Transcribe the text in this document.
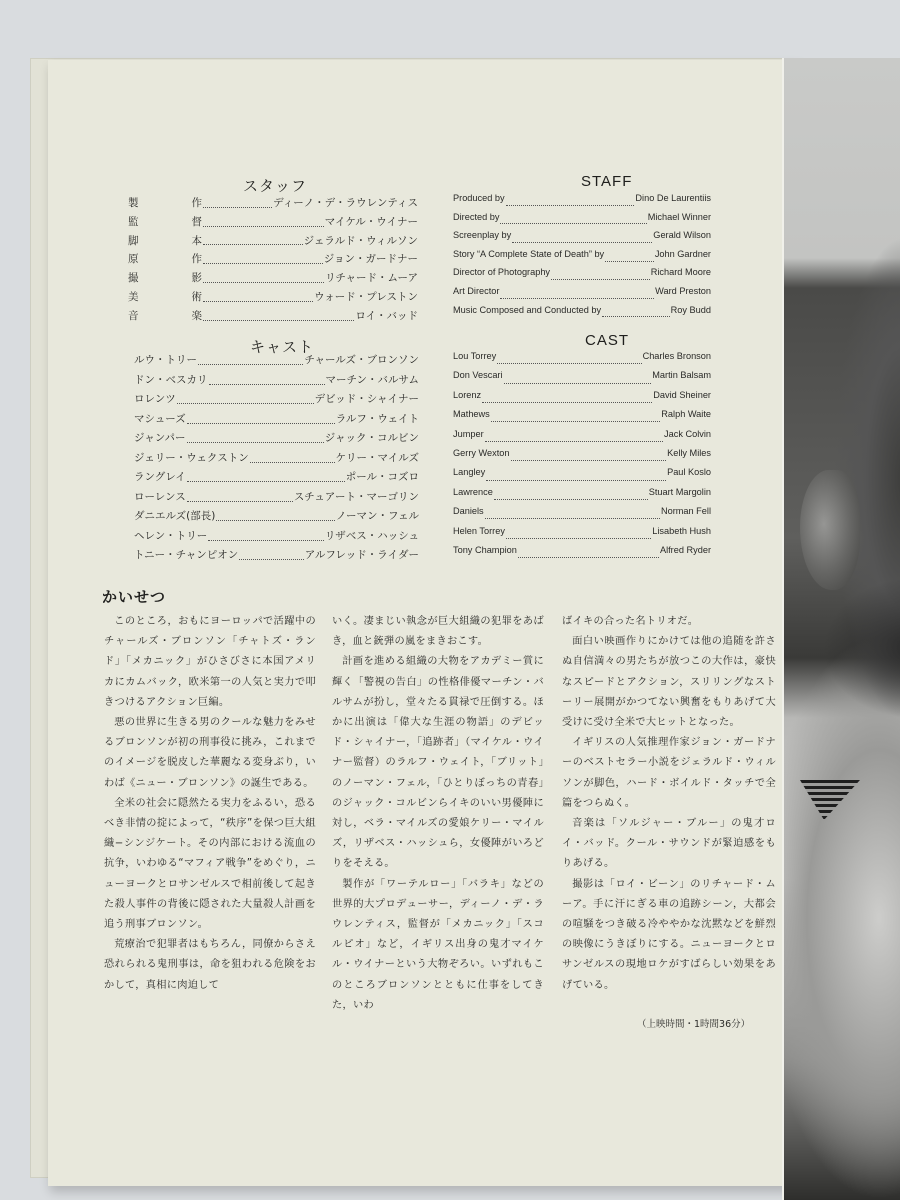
スタッフ
製	作	ディーノ・デ・ラウレンティス
監	督	マイケル・ウイナー
脚	本	ジェラルド・ウィルソン
原	作	ジョン・ガードナー
撮	影	リチャード・ムーア
美	術	ウォード・プレストン
音	楽	ロイ・バッド
キャスト
ルウ・トリー	チャールズ・ブロンソン
ドン・ベスカリ	マーチン・バルサム
ロレンツ	デビッド・シャイナー
マシューズ	ラルフ・ウェイト
ジャンパー	ジャック・コルビン
ジェリー・ウェクストン	ケリー・マイルズ
ラングレイ	ポール・コズロ
ローレンス	スチュアート・マーゴリン
ダニエルズ(部長)	ノーマン・フェル
ヘレン・トリー	リザベス・ハッシュ
トニー・チャンピオン	アルフレッド・ライダー
STAFF
Produced by	Dino De Laurentiis
Directed by	Michael Winner
Screenplay by	Gerald Wilson
Story “A Complete State of Death” by	John Gardner
Director of Photography	Richard Moore
Art Director	Ward Preston
Music Composed and Conducted by	Roy Budd
CAST
Lou Torrey	Charles Bronson
Don Vescari	Martin Balsam
Lorenz	David Sheiner
Mathews	Ralph Waite
Jumper	Jack Colvin
Gerry Wexton	Kelly Miles
Langley	Paul Koslo
Lawrence	Stuart Margolin
Daniels	Norman Fell
Helen Torrey	Lisabeth Hush
Tony Champion	Alfred Ryder
かいせつ

このところ，おもにヨーロッパで活躍中のチャールズ・ブロンソン「チャトズ・ランド」「メカニック」がひさびさに本国アメリカにカムバック，欧米第一の人気と実力で叩きつけるアクション巨編。

悪の世界に生きる男のクールな魅力をみせるブロンソンが初の刑事役に挑み，これまでのイメージを脱皮した華麗なる変身ぶり，いわば《ニュー・ブロンソン》の誕生である。

全米の社会に隠然たる実力をふるい，恐るべき非情の掟によって，“秩序”を保つ巨大組織−シンジケート。その内部における流血の抗争，いわゆる“マフィア戦争”をめぐり，ニューヨークとロサンゼルスで相前後して起きた殺人事件の背後に隠された大量殺人計画を追う刑事ブロンソン。

荒療治で犯罪者はもちろん，同僚からさえ恐れられる鬼刑事は，命を狙われる危険をおかして，真相に肉迫して

いく。凄まじい執念が巨大組織の犯罪をあばき，血と銃弾の嵐をまきおこす。

計画を進める組織の大物をアカデミー賞に輝く「警視の告白」の性格俳優マーチン・バルサムが扮し，堂々たる貫禄で圧倒する。ほかに出演は「偉大な生涯の物語」のデビッド・シャイナー，「追跡者」（マイケル・ウイナー監督）のラルフ・ウェイト，「ブリット」のノーマン・フェル，「ひとりぼっちの青春」のジャック・コルビンらイキのいい男優陣に対し，ベラ・マイルズの愛娘ケリー・マイルズ，リザベス・ハッシュら，女優陣がいろどりをそえる。

製作が「ワーテルロー」「バラキ」などの世界的大プロデューサー，ディーノ・デ・ラウレンティス，監督が「メカニック」「スコルピオ」など，イギリス出身の鬼才マイケル・ウイナーという大物ぞろい。いずれもこのところブロンソンとともに仕事をしてきた，いわ

ばイキの合った名トリオだ。

面白い映画作りにかけては他の追随を許さぬ自信満々の男たちが放つこの大作は，豪快なスピードとアクション，スリリングなストーリー展開がかつてない興奮をもりあげて大受けに受け全米で大ヒットとなった。

イギリスの人気推理作家ジョン・ガードナーのベストセラー小説をジェラルド・ウィルソンが脚色，ハード・ボイルド・タッチで全篇をつらぬく。

音楽は「ソルジャー・ブルー」の鬼才ロイ・バッド。クール・サウンドが緊迫感をもりあげる。

撮影は「ロイ・ビーン」のリチャード・ムーア。手に汗にぎる車の追跡シーン，大都会の喧騒をつき破る冷ややかな沈黙などを鮮烈の映像にうきぼりにする。ニューヨークとロサンゼルスの現地ロケがすばらしい効果をあげている。

（上映時間・1時間36分）
